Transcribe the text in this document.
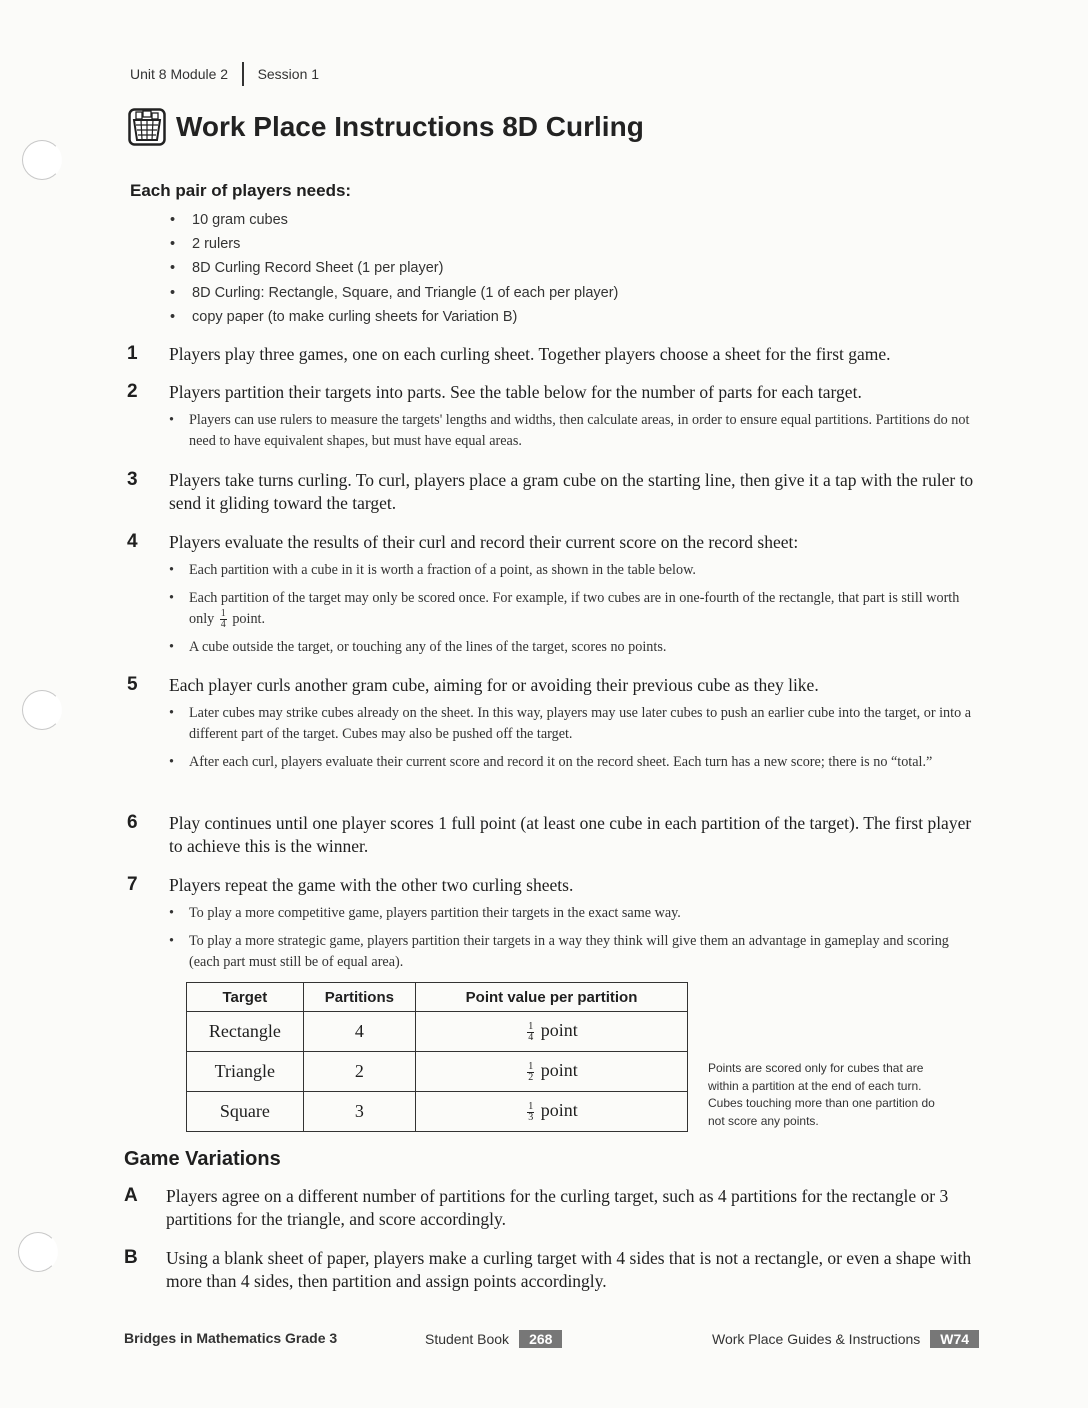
Unit 8 Module 2 Session 1
Work Place Instructions 8D Curling
Each pair of players needs:
• 10 gram cubes
• 2 rulers
• 8D Curling Record Sheet (1 per player)
• 8D Curling: Rectangle, Square, and Triangle (1 of each per player)
• copy paper (to make curling sheets for Variation B)
1 Players play three games, one on each curling sheet. Together players choose a sheet for the first game.
2 Players partition their targets into parts. See the table below for the number of parts for each target.
• Players can use rulers to measure the targets' lengths and widths, then calculate areas, in order to ensure equal partitions. Partitions do not need to have equivalent shapes, but must have equal areas.
3 Players take turns curling. To curl, players place a gram cube on the starting line, then give it a tap with the ruler to send it gliding toward the target.
4 Players evaluate the results of their curl and record their current score on the record sheet:
• Each partition with a cube in it is worth a fraction of a point, as shown in the table below.
• Each partition of the target may only be scored once. For example, if two cubes are in one-fourth of the rectangle, that part is still worth only $\frac{1}{4}$ point.
• A cube outside the target, or touching any of the lines of the target, scores no points.
5 Each player curls another gram cube, aiming for or avoiding their previous cube as they like.
• Later cubes may strike cubes already on the sheet. In this way, players may use later cubes to push an earlier cube into the target, or into a different part of the target. Cubes may also be pushed off the target.
• After each curl, players evaluate their current score and record it on the record sheet. Each turn has a new score; there is no “total.”
6 Play continues until one player scores 1 full point (at least one cube in each partition of the target). The first player to achieve this is the winner.
7 Players repeat the game with the other two curling sheets.
• To play a more competitive game, players partition their targets in the exact same way.
• To play a more strategic game, players partition their targets in a way they think will give them an advantage in gameplay and scoring (each part must still be of equal area).
Target	Partitions	Point value per partition
Rectangle	4	$\frac{1}{4}$ point
Triangle	2	$\frac{1}{2}$ point
Square	3	$\frac{1}{3}$ point
Points are scored only for cubes that are within a partition at the end of each turn. Cubes touching more than one partition do not score any points.
Game Variations
A Players agree on a different number of partitions for the curling target, such as 4 partitions for the rectangle or 3 partitions for the triangle, and score accordingly.
B Using a blank sheet of paper, players make a curling target with 4 sides that is not a rectangle, or even a shape with more than 4 sides, then partition and assign points accordingly.
Bridges in Mathematics Grade 3	Student Book 268	Work Place Guides & Instructions W74
